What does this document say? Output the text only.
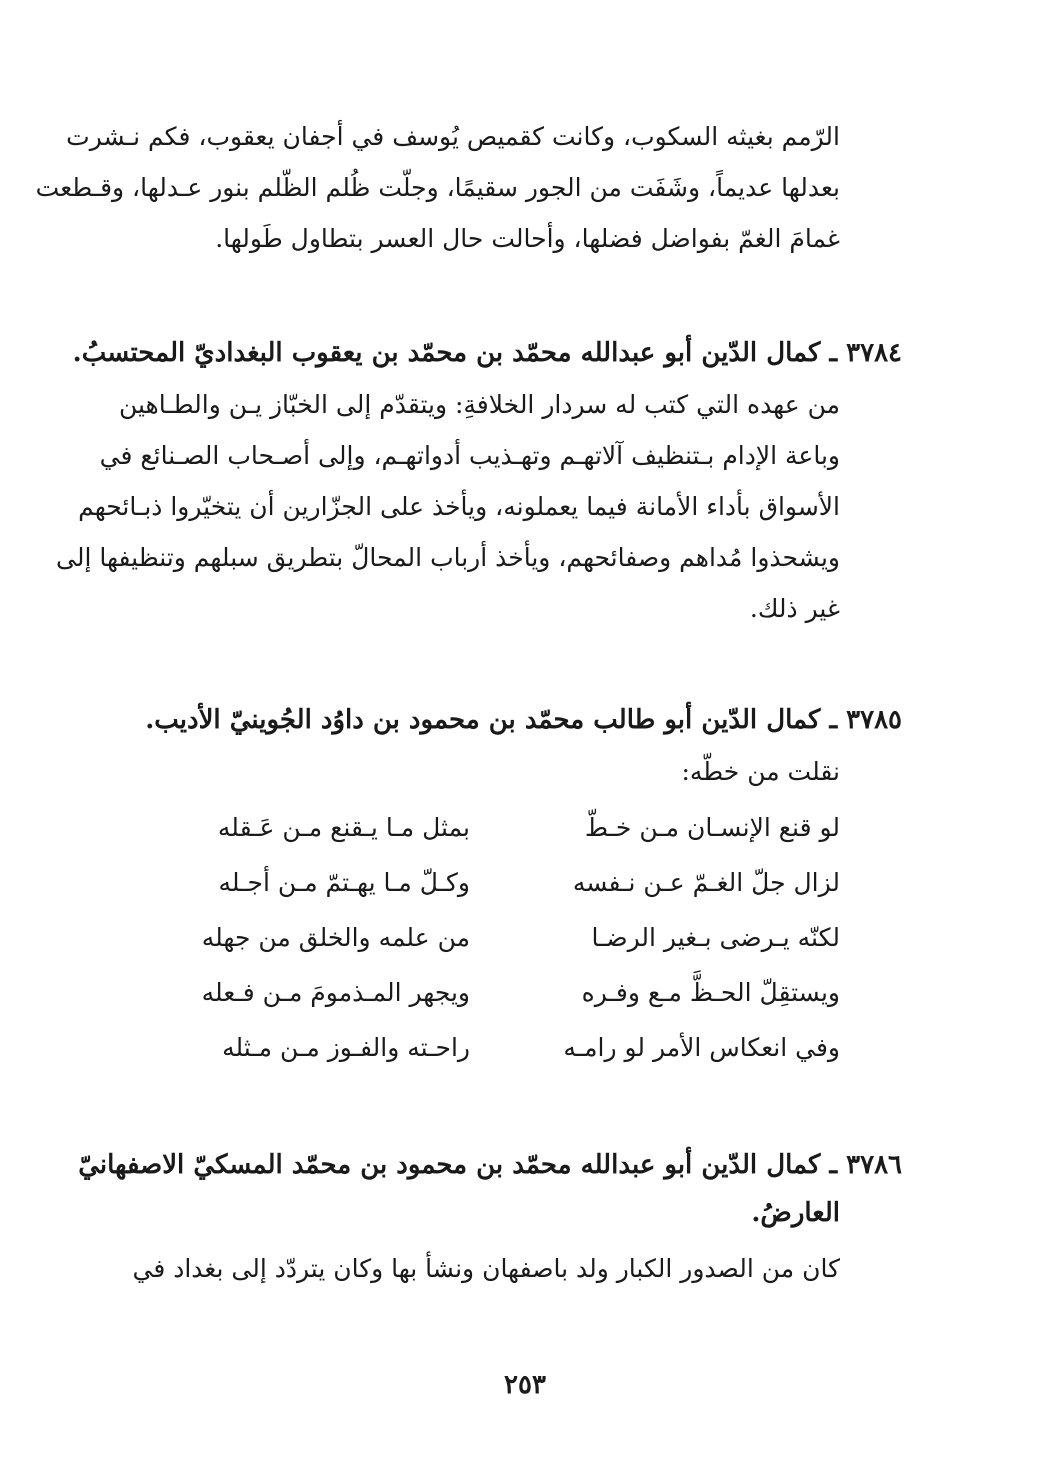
الرّمم بغيثه السكوب، وكانت كقميص يُوسف في أجفان يعقوب، فكم نـشرت
بعدلها عديماً، وشَفَت من الجور سقيمًا، وجلّت ظُلم الظّلم بنور عـدلها، وقـطعت
غمامَ الغمّ بفواضل فضلها، وأحالت حال العسر بتطاول طَولها.
٣٧٨٤ ـ كمال الدّين أبو عبدالله محمّد بن محمّد بن يعقوب البغداديّ المحتسبُ.
من عهده التي كتب له سردار الخلافةِ: ويتقدّم إلى الخبّاز يـن والطـاهين
وباعة الإدام بـتنظيف آلاتهـم وتهـذيب أدواتهـم، وإلى أصـحاب الصـنائع في
الأسواق بأداء الأمانة فيما يعملونه، ويأخذ على الجزّارين أن يتخيّروا ذبـائحهم
ويشحذوا مُداهم وصفائحهم، ويأخذ أرباب المحالّ بتطريق سبلهم وتنظيفها إلى
غير ذلك.
٣٧٨٥ ـ كمال الدّين أبو طالب محمّد بن محمود بن داوُد الجُوينيّ الأديب.
نقلت من خطّه:
لو قنع الإنسـان مـن خـطّ
بمثل مـا يـقنع مـن عَـقله
لزال جلّ الغـمّ عـن نـفسه
وكـلّ مـا يهـتمّ مـن أجـله
لكنّه يـرضى بـغير الرضـا
من علمه والخلق من جهله
ويستقِلّ الحـظَّ مـع وفـره
ويجهر المـذمومَ مـن فـعله
وفي انعكاس الأمر لو رامـه
راحـته والفـوز مـن مـثله
٣٧٨٦ ـ كمال الدّين أبو عبدالله محمّد بن محمود بن محمّد المسكيّ الاصفهانيّ
العارضُ.
كان من الصدور الكبار ولد باصفهان ونشأ بها وكان يتردّد إلى بغداد في
٢٥٣
